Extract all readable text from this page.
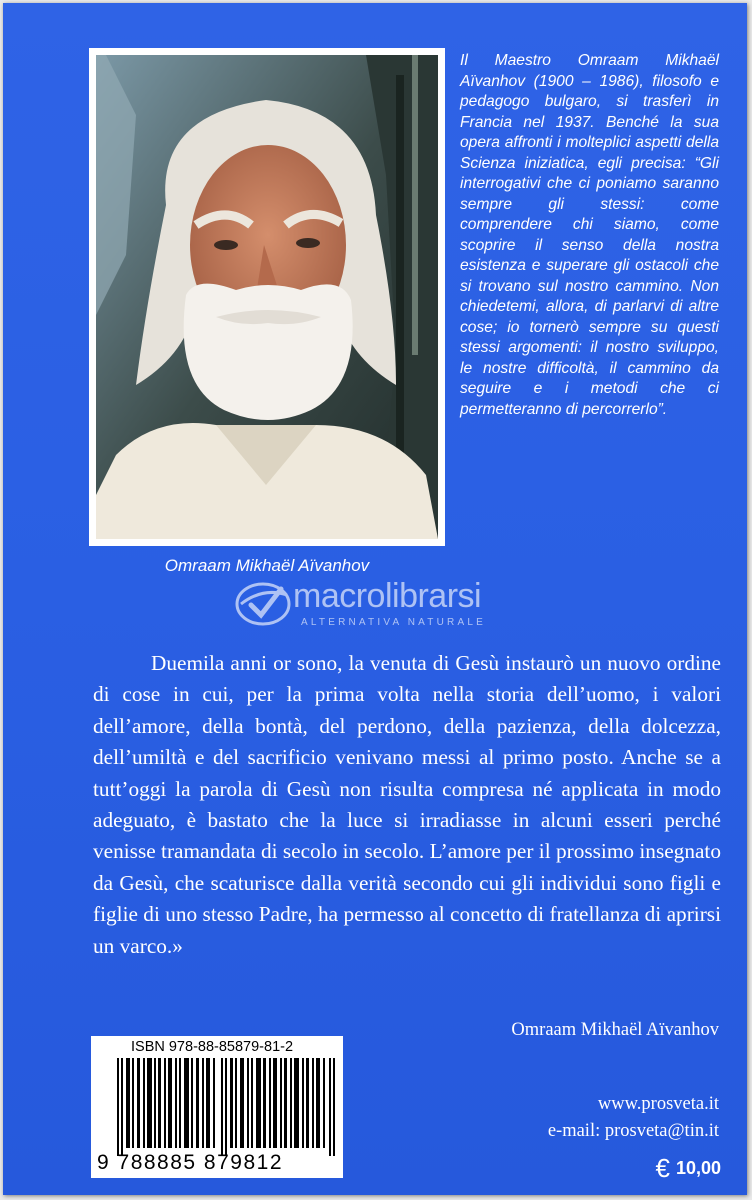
Omraam Mikhaël Aïvanhov
Il Maestro Omraam Mikhaël Aïvanhov (1900 – 1986), filosofo e pedagogo bulgaro, si trasferì in Francia nel 1937. Benché la sua opera affronti i molteplici aspetti della Scienza iniziatica, egli precisa: “Gli interrogativi che ci poniamo saranno sempre gli stessi: come comprendere chi siamo, come scoprire il senso della nostra esistenza e superare gli ostacoli che si trovano sul nostro cammino. Non chiedetemi, allora, di parlarvi di altre cose; io tornerò sempre su questi stessi argomenti: il nostro sviluppo, le nostre difficoltà, il cammino da seguire e i metodi che ci permetteranno di percorrerlo”.
macrolibrarsi
ALTERNATIVA NATURALE
Duemila anni or sono, la venuta di Gesù instaurò un nuovo ordine di cose in cui, per la prima volta nella storia dell’uomo, i valori dell’amore, della bontà, del perdono, della pazienza, della dolcezza, dell’umiltà e del sacrificio venivano messi al primo posto. Anche se a tutt’oggi la parola di Gesù non risulta compresa né applicata in modo adeguato, è bastato che la luce si irradiasse in alcuni esseri perché venisse tramandata di secolo in secolo. L’amore per il prossimo insegnato da Gesù, che scaturisce dalla verità secondo cui gli individui sono figli e figlie di uno stesso Padre, ha permesso al concetto di fratellanza di aprirsi un varco.»
Omraam Mikhaël Aïvanhov
ISBN 978-88-85879-81-2
9 788885 879812
www.prosveta.it
e-mail: prosveta@tin.it
€ 10,00
